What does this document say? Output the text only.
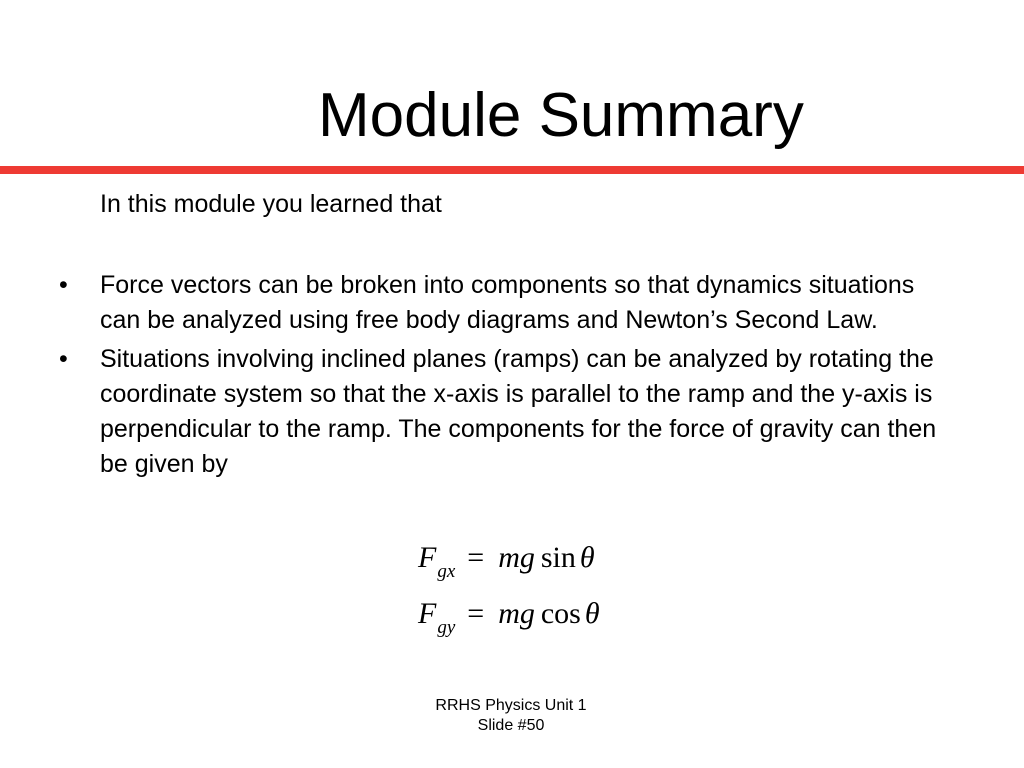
Module Summary
In this module you learned that
• Force vectors can be broken into components so that dynamics situations can be analyzed using free body diagrams and Newton’s Second Law.
• Situations involving inclined planes (ramps) can be analyzed by rotating the coordinate system so that the x-axis is parallel to the ramp and the y-axis is perpendicular to the ramp. The components for the force of gravity can then be given by
$F_{gx}$ = mg sin θ
$F_{gy}$ = mg cos θ
RRHS Physics Unit 1
Slide #50
